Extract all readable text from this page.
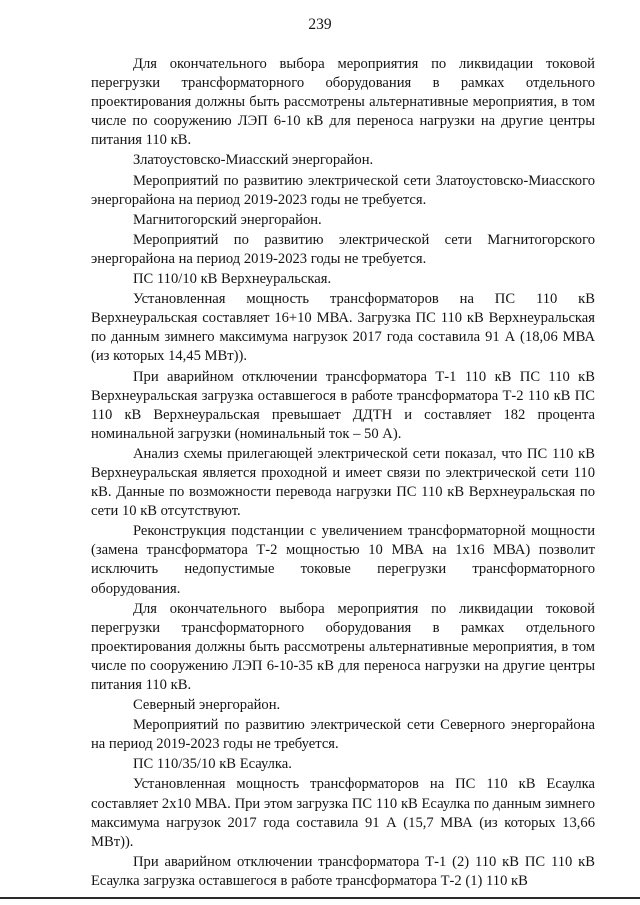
239

Для окончательного выбора мероприятия по ликвидации токовой перегрузки трансформаторного оборудования в рамках отдельного проектирования должны быть рассмотрены альтернативные мероприятия, в том числе по сооружению ЛЭП 6-10 кВ для переноса нагрузки на другие центры питания 110 кВ.

Златоустовско-Миасский энергорайон.

Мероприятий по развитию электрической сети Златоустовско-Миасского энергорайона на период 2019-2023 годы не требуется.

Магнитогорский энергорайон.

Мероприятий по развитию электрической сети Магнитогорского энергорайона на период 2019-2023 годы не требуется.

ПС 110/10 кВ Верхнеуральская.

Установленная мощность трансформаторов на ПС 110 кВ Верхнеуральская составляет 16+10 МВА. Загрузка ПС 110 кВ Верхнеуральская по данным зимнего максимума нагрузок 2017 года составила 91 А (18,06 МВА (из которых 14,45 МВт)).

При аварийном отключении трансформатора Т-1 110 кВ ПС 110 кВ Верхнеуральская загрузка оставшегося в работе трансформатора Т-2 110 кВ ПС 110 кВ Верхнеуральская превышает ДДТН и составляет 182 процента номинальной загрузки (номинальный ток – 50 А).

Анализ схемы прилегающей электрической сети показал, что ПС 110 кВ Верхнеуральская является проходной и имеет связи по электрической сети 110 кВ. Данные по возможности перевода нагрузки ПС 110 кВ Верхнеуральская по сети 10 кВ отсутствуют.

Реконструкция подстанции с увеличением трансформаторной мощности (замена трансформатора Т-2 мощностью 10 МВА на 1х16 МВА) позволит исключить недопустимые токовые перегрузки трансформаторного оборудования.

Для окончательного выбора мероприятия по ликвидации токовой перегрузки трансформаторного оборудования в рамках отдельного проектирования должны быть рассмотрены альтернативные мероприятия, в том числе по сооружению ЛЭП 6-10-35 кВ для переноса нагрузки на другие центры питания 110 кВ.

Северный энергорайон.

Мероприятий по развитию электрической сети Северного энергорайона на период 2019-2023 годы не требуется.

ПС 110/35/10 кВ Есаулка.

Установленная мощность трансформаторов на ПС 110 кВ Есаулка составляет 2х10 МВА. При этом загрузка ПС 110 кВ Есаулка по данным зимнего максимума нагрузок 2017 года составила 91 А (15,7 МВА (из которых 13,66 МВт)).

При аварийном отключении трансформатора Т-1 (2) 110 кВ ПС 110 кВ Есаулка загрузка оставшегося в работе трансформатора Т-2 (1) 110 кВ
